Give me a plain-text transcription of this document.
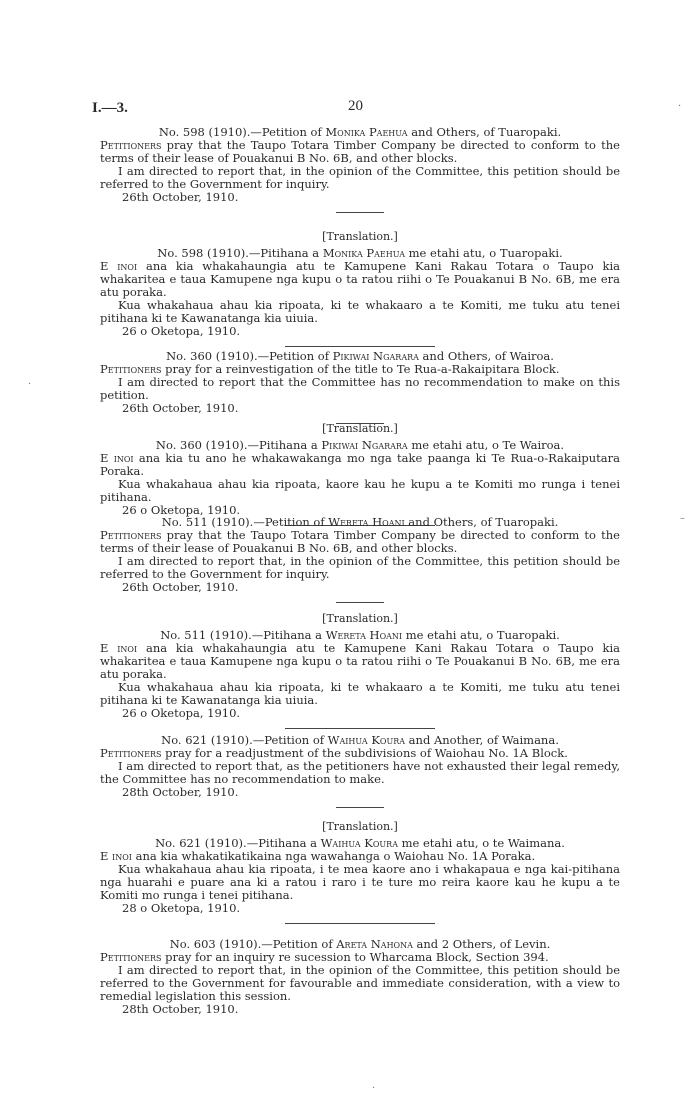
I.—3.	20

No. 598 (1910).—Petition of Monika Paehua and Others, of Tuaropaki.

Petitioners pray that the Taupo Totara Timber Company be directed to conform to the terms of their lease of Pouakanui B No. 6B, and other blocks.

I am directed to report that, in the opinion of the Committee, this petition should be referred to the Government for inquiry.

26th October, 1910.

[Translation.]

No. 598 (1910).—Pitihana a Monika Paehua me etahi atu, o Tuaropaki.

E inoi ana kia whakahaungia atu te Kamupene Kani Rakau Totara o Taupo kia whakaritea e taua Kamupene nga kupu o ta ratou riihi o Te Pouakanui B No. 6B, me era atu poraka.

Kua whakahaua ahau kia ripoata, ki te whakaaro a te Komiti, me tuku atu tenei pitihana ki te Kawanatanga kia uiuia.

26 o Oketopa, 1910.

No. 360 (1910).—Petition of Pikiwai Ngarara and Others, of Wairoa.

Petitioners pray for a reinvestigation of the title to Te Rua-a-Rakaipitara Block.

I am directed to report that the Committee has no recommendation to make on this petition.

26th October, 1910.

[Translation.]

No. 360 (1910).—Pitihana a Pikiwai Ngarara me etahi atu, o Te Wairoa.

E inoi ana kia tu ano he whakawakanga mo nga take paanga ki Te Rua-o-Rakaiputara Poraka.

Kua whakahaua ahau kia ripoata, kaore kau he kupu a te Komiti mo runga i tenei pitihana.

26 o Oketopa, 1910.

No. 511 (1910).—Petition of Wereta Hoani and Others, of Tuaropaki.

Petitioners pray that the Taupo Totara Timber Company be directed to conform to the terms of their lease of Pouakanui B No. 6B, and other blocks.

I am directed to report that, in the opinion of the Committee, this petition should be referred to the Government for inquiry.

26th October, 1910.

[Translation.]

No. 511 (1910).—Pitihana a Wereta Hoani me etahi atu, o Tuaropaki.

E inoi ana kia whakahaungia atu te Kamupene Kani Rakau Totara o Taupo kia whakaritea e taua Kamupene nga kupu o ta ratou riihi o Te Pouakanui B No. 6B, me era atu poraka.

Kua whakahaua ahau kia ripoata, ki te whakaaro a te Komiti, me tuku atu tenei pitihana ki te Kawanatanga kia uiuia.

26 o Oketopa, 1910.

No. 621 (1910).—Petition of Waihua Koura and Another, of Waimana.

Petitioners pray for a readjustment of the subdivisions of Waiohau No. 1A Block.

I am directed to report that, as the petitioners have not exhausted their legal remedy, the Committee has no recommendation to make.

28th October, 1910.

[Translation.]

No. 621 (1910).—Pitihana a Waihua Koura me etahi atu, o te Waimana.

E inoi ana kia whakatikatikaina nga wawahanga o Waiohau No. 1A Poraka.

Kua whakahaua ahau kia ripoata, i te mea kaore ano i whakapaua e nga kai-pitihana nga huarahi e puare ana ki a ratou i raro i te ture mo reira kaore kau he kupu a te Komiti mo runga i tenei pitihana.

28 o Oketopa, 1910.

No. 603 (1910).—Petition of Areta Nahona and 2 Others, of Levin.

Petitioners pray for an inquiry re sucession to Wharcama Block, Section 394.

I am directed to report that, in the opinion of the Committee, this petition should be referred to the Government for favourable and immediate consideration, with a view to remedial legislation this session.

28th October, 1910.

·
·
–
·
